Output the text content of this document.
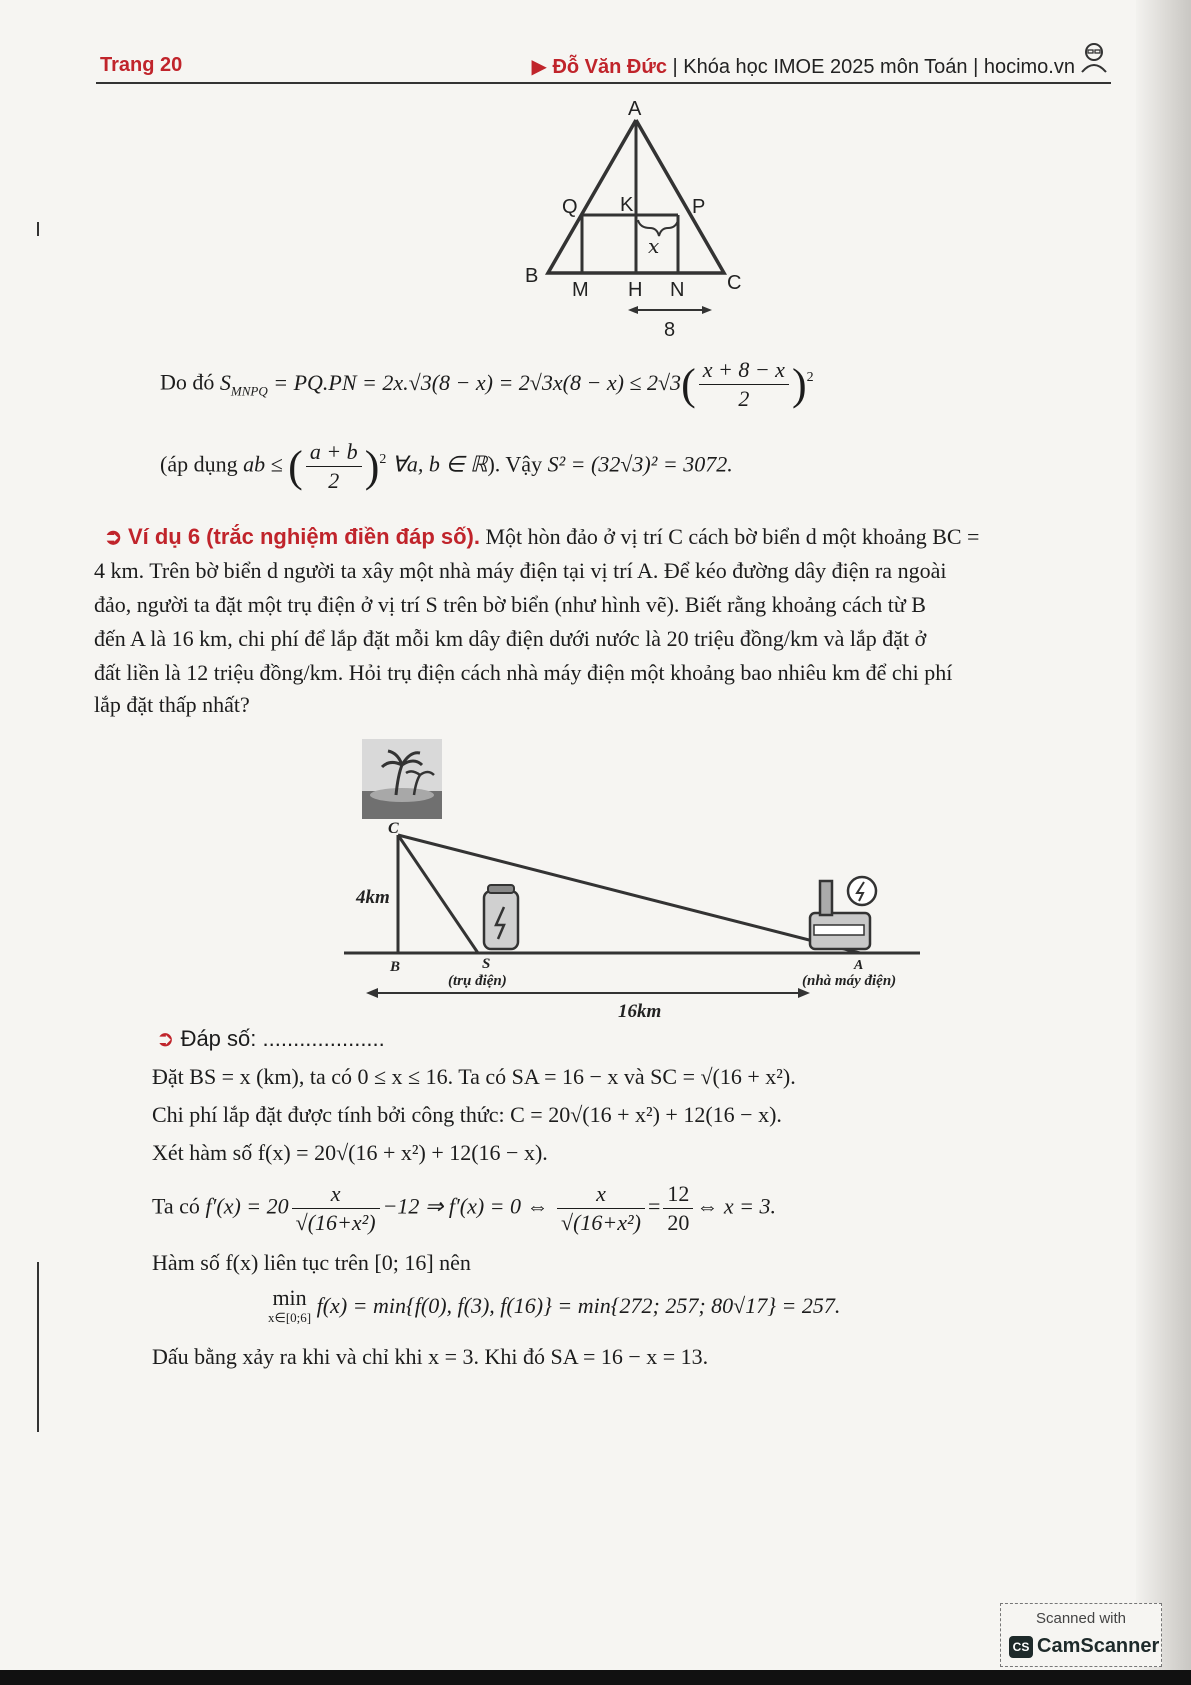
Trang 20	▶ Đỗ Văn Đức | Khóa học IMOE 2025 môn Toán | hocimo.vn
A
Q K	P
B
M H N C
x
8
Do đó $S_{MNPQ} = PQ.PN = 2x.√3(8 - x) = 2√3x(8 - x) \le 2√3( \frac{x + 8 - x}{2} )^2$
(áp dụng ab ≤ ( $\frac{a + b}{2} )^2$ ∀a, b ∈ ℝ). Vậy S² = (32√3)² = 3072.
➲ Ví dụ 6 (trắc nghiệm điền đáp số). Một hòn đảo ở vị trí C cách bờ biển d một khoảng BC =
4 km. Trên bờ biển d người ta xây một nhà máy điện tại vị trí A. Để kéo đường dây điện ra ngoài
đảo, người ta đặt một trụ điện ở vị trí S trên bờ biển (như hình vẽ). Biết rằng khoảng cách từ B
đến A là 16 km, chi phí để lắp đặt mỗi km dây điện dưới nước là 20 triệu đồng/km và lắp đặt ở
đất liền là 12 triệu đồng/km. Hỏi trụ điện cách nhà máy điện một khoảng bao nhiêu km để chi phí
lắp đặt thấp nhất?
C
4km
B	S
(trụ điện)
A
(nhà máy điện)
16km
➲ Đáp số: ....................
Đặt BS = x (km), ta có 0 ≤ x ≤ 16. Ta có SA = 16 − x và SC = √(16 + x²).
Chi phí lắp đặt được tính bởi công thức: C = 20√(16 + x²) + 12(16 − x).
Xét hàm số f(x) = 20√(16 + x²) + 12(16 − x).
Ta có $f'(x) = 20 \frac{x}{\text{√(16+x²)}} -12$ ⇒ f′(x) = 0 ⇔ $\frac{x}{\text{√(16+x²)}} = \frac{12}{20}$ ⇔ x = 3.
Hàm số f(x) liên tục trên [0; 16] nên
min
x∈[0;6] f(x) = min{f(0), f(3), f(16)} = min{272; 257; 80√17} = 257.
Dấu bằng xảy ra khi và chỉ khi x = 3. Khi đó SA = 16 − x = 13.
Scanned with
CS CamScanner
